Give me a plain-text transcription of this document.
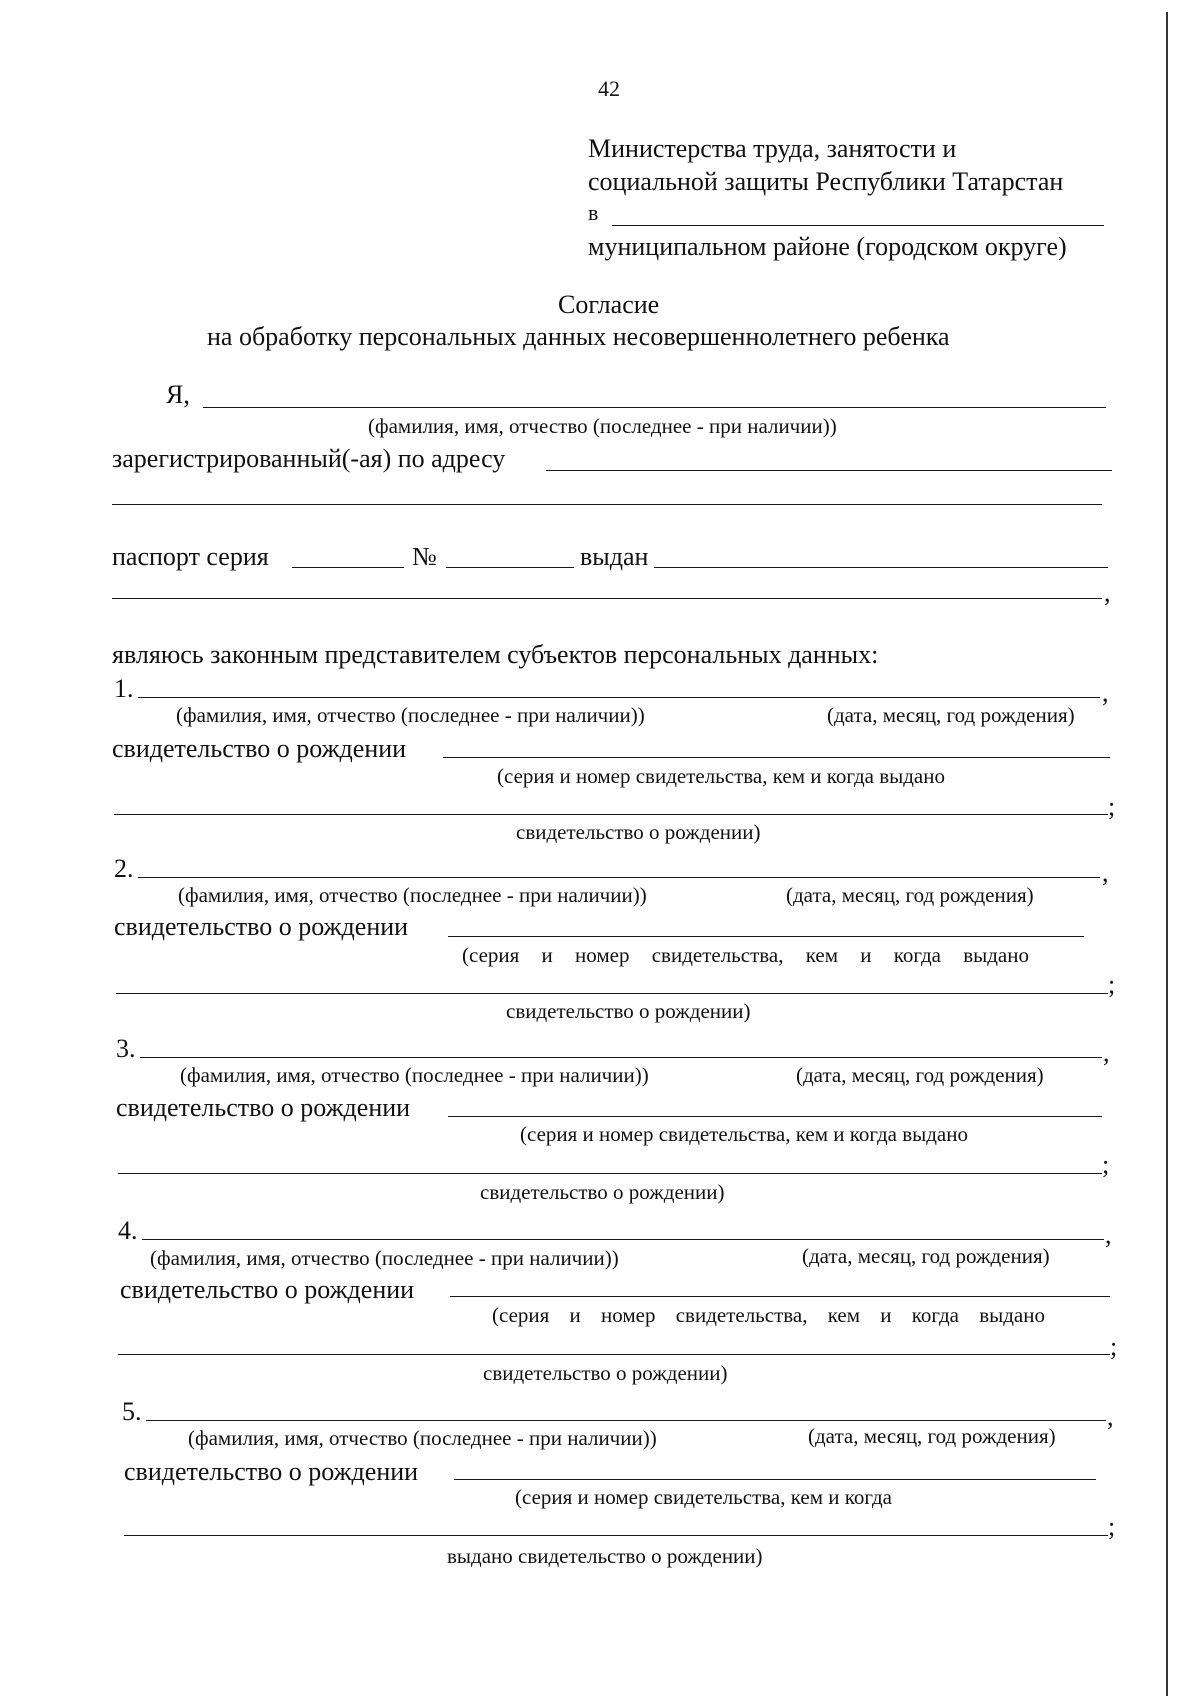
42
Министерства труда, занятости и
социальной защиты Республики Татарстан
в
муниципальном районе (городском округе)
Согласие
на обработку персональных данных несовершеннолетнего ребенка
Я,
(фамилия, имя, отчество (последнее - при наличии))
зарегистрированный(-ая) по адресу
паспорт серия	№	выдан
,
являюсь законным представителем субъектов персональных данных:
1.	,
(фамилия, имя, отчество (последнее - при наличии))	(дата, месяц, год рождения)
свидетельство о рождении
(серия и номер свидетельства, кем и когда выдано
;
свидетельство о рождении)
2.	,
(фамилия, имя, отчество (последнее - при наличии))	(дата, месяц, год рождения)
свидетельство о рождении
(серия и номер свидетельства, кем и когда выдано
;
свидетельство о рождении)
3.	,
(фамилия, имя, отчество (последнее - при наличии))	(дата, месяц, год рождения)
свидетельство о рождении
(серия и номер свидетельства, кем и когда выдано
;
свидетельство о рождении)
4.	,
(фамилия, имя, отчество (последнее - при наличии))	(дата, месяц, год рождения)
свидетельство о рождении
(серия и номер свидетельства, кем и когда выдано
;
свидетельство о рождении)
5.	,
(фамилия, имя, отчество (последнее - при наличии))	(дата, месяц, год рождения)
свидетельство о рождении
(серия и номер свидетельства, кем и когда
;
выдано свидетельство о рождении)
